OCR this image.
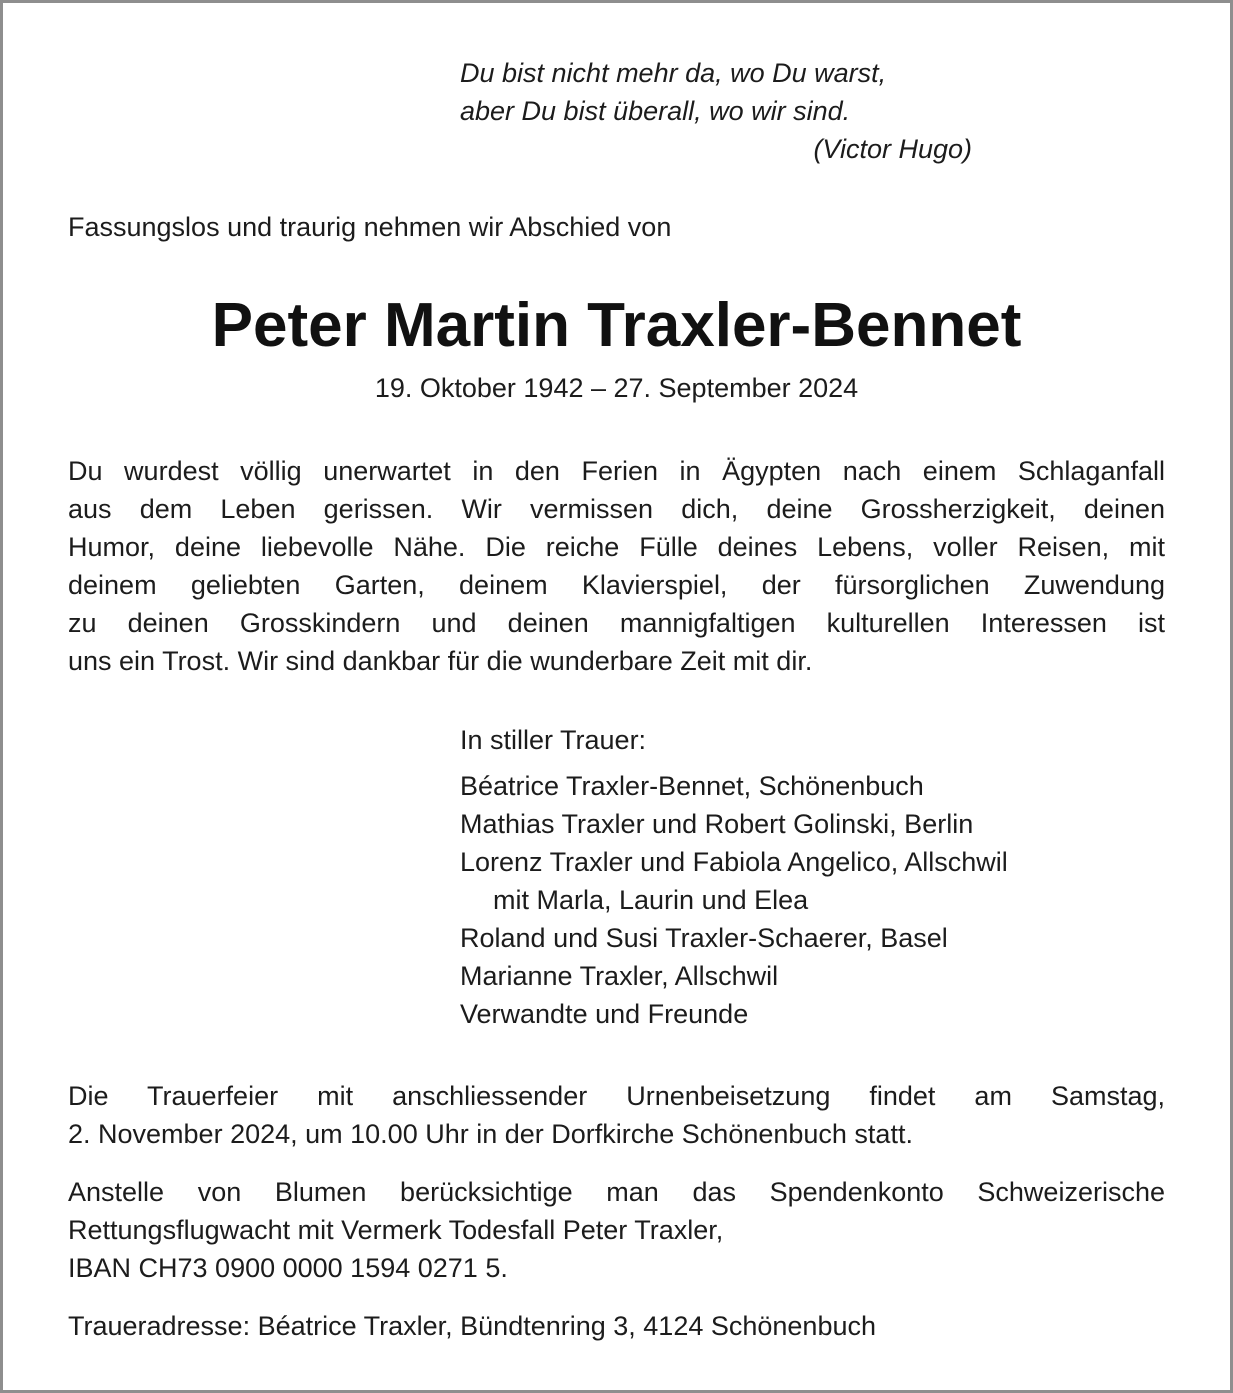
Du bist nicht mehr da, wo Du warst,
aber Du bist überall, wo wir sind.
(Victor Hugo)
Fassungslos und traurig nehmen wir Abschied von
Peter Martin Traxler-Bennet
19. Oktober 1942 – 27. September 2024
Du wurdest völlig unerwartet in den Ferien in Ägypten nach einem Schlaganfall
aus dem Leben gerissen. Wir vermissen dich, deine Grossherzigkeit, deinen
Humor, deine liebevolle Nähe. Die reiche Fülle deines Lebens, voller Reisen, mit
deinem geliebten Garten, deinem Klavierspiel, der fürsorglichen Zuwendung
zu deinen Grosskindern und deinen mannigfaltigen kulturellen Interessen ist
uns ein Trost. Wir sind dankbar für die wunderbare Zeit mit dir.
In stiller Trauer:
Béatrice Traxler-Bennet, Schönenbuch
Mathias Traxler und Robert Golinski, Berlin
Lorenz Traxler und Fabiola Angelico, Allschwil
mit Marla, Laurin und Elea
Roland und Susi Traxler-Schaerer, Basel
Marianne Traxler, Allschwil
Verwandte und Freunde
Die Trauerfeier mit anschliessender Urnenbeisetzung findet am Samstag,
2. November 2024, um 10.00 Uhr in der Dorfkirche Schönenbuch statt.
Anstelle von Blumen berücksichtige man das Spendenkonto Schweizerische
Rettungsflugwacht mit Vermerk Todesfall Peter Traxler,
IBAN CH73 0900 0000 1594 0271 5.
Traueradresse: Béatrice Traxler, Bündtenring 3, 4124 Schönenbuch
